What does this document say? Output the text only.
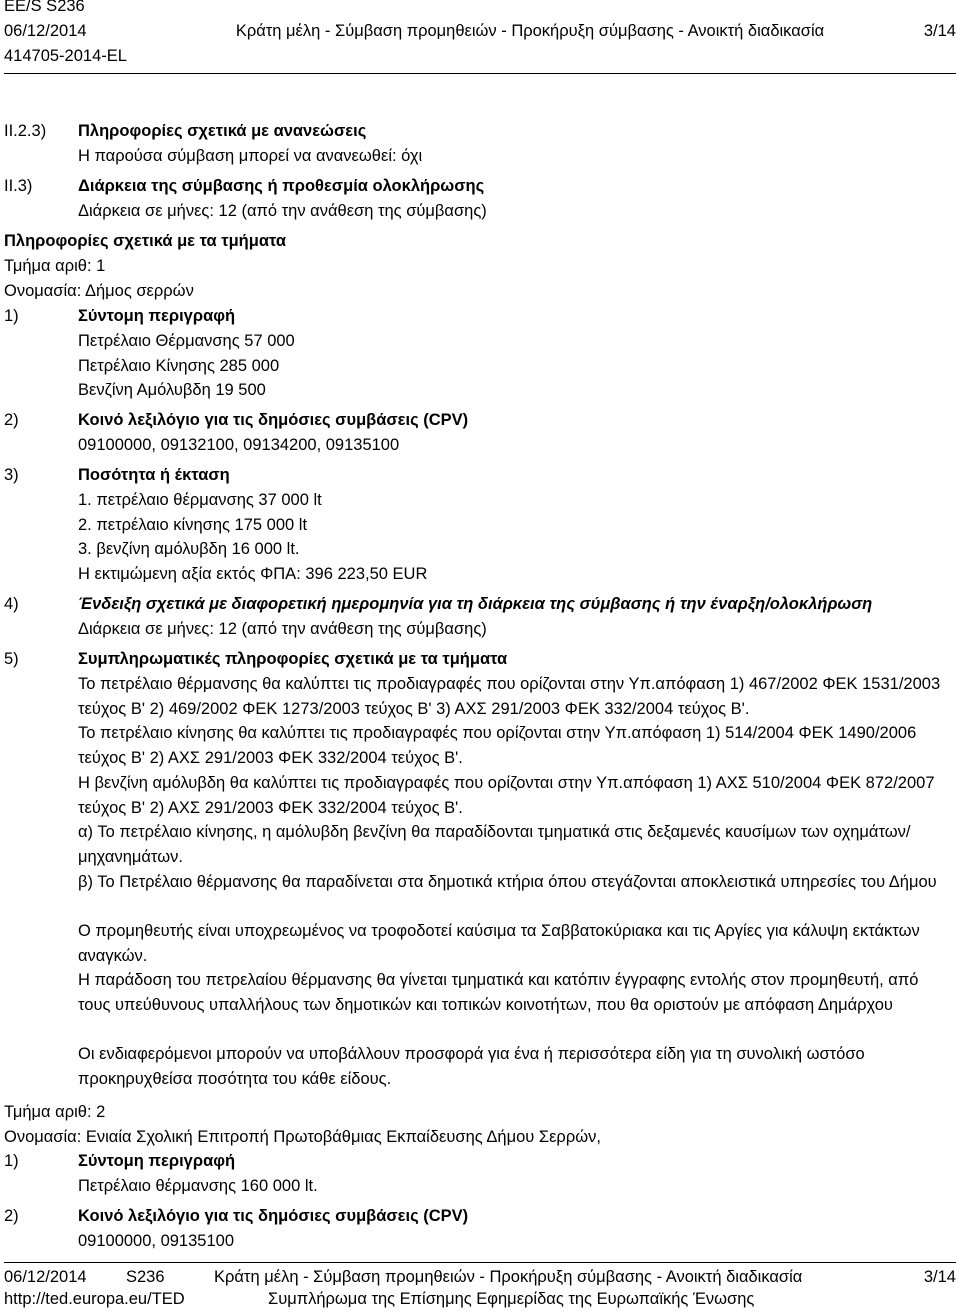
EE/S S236
06/12/2014	Κράτη μέλη - Σύμβαση προμηθειών - Προκήρυξη σύμβασης - Ανοικτή διαδικασία	3/14
414705-2014-EL
II.2.3) Πληροφορίες σχετικά με ανανεώσεις
Η παρούσα σύμβαση μπορεί να ανανεωθεί: όχι
II.3)	Διάρκεια της σύμβασης ή προθεσμία ολοκλήρωσης
Διάρκεια σε μήνες: 12 (από την ανάθεση της σύμβασης)
Πληροφορίες σχετικά με τα τμήματα
Τμήμα αριθ: 1
Ονομασία: Δήμος σερρών
1)	Σύντομη περιγραφή
Πετρέλαιο Θέρμανσης 57 000
Πετρέλαιο Κίνησης 285 000
Βενζίνη Αμόλυβδη 19 500
2)	Κοινό λεξιλόγιο για τις δημόσιες συμβάσεις (CPV)
09100000, 09132100, 09134200, 09135100
3)	Ποσότητα ή έκταση
1. πετρέλαιο θέρμανσης 37 000 lt
2. πετρέλαιο κίνησης 175 000 lt
3. βενζίνη αμόλυβδη 16 000 lt.
Η εκτιμώμενη αξία εκτός ΦΠΑ: 396 223,50 EUR
4)	Ένδειξη σχετικά με διαφορετική ημερομηνία για τη διάρκεια της σύμβασης ή την έναρξη/ολοκλήρωση
Διάρκεια σε μήνες: 12 (από την ανάθεση της σύμβασης)
5)	Συμπληρωματικές πληροφορίες σχετικά με τα τμήματα
Το πετρέλαιο θέρμανσης θα καλύπτει τις προδιαγραφές που ορίζονται στην Υπ.απόφαση 1) 467/2002 ΦΕΚ 1531/2003 τεύχος Β' 2) 469/2002 ΦΕΚ 1273/2003 τεύχος Β' 3) ΑΧΣ 291/2003 ΦΕΚ 332/2004 τεύχος Β'.
Το πετρέλαιο κίνησης θα καλύπτει τις προδιαγραφές που ορίζονται στην Υπ.απόφαση 1) 514/2004 ΦΕΚ 1490/2006 τεύχος Β' 2) ΑΧΣ 291/2003 ΦΕΚ 332/2004 τεύχος Β'.
Η βενζίνη αμόλυβδη θα καλύπτει τις προδιαγραφές που ορίζονται στην Υπ.απόφαση 1) ΑΧΣ 510/2004 ΦΕΚ 872/2007 τεύχος Β' 2) ΑΧΣ 291/2003 ΦΕΚ 332/2004 τεύχος Β'.
α) Το πετρέλαιο κίνησης, η αμόλυβδη βενζίνη θα παραδίδονται τμηματικά στις δεξαμενές καυσίμων των οχημάτων/μηχανημάτων.
β) Το Πετρέλαιο θέρμανσης θα παραδίνεται στα δημοτικά κτήρια όπου στεγάζονται αποκλειστικά υπηρεσίες του Δήμου
Ο προμηθευτής είναι υποχρεωμένος να τροφοδοτεί καύσιμα τα Σαββατοκύριακα και τις Αργίες για κάλυψη εκτάκτων αναγκών.
Η παράδοση του πετρελαίου θέρμανσης θα γίνεται τμηματικά και κατόπιν έγγραφης εντολής στον προμηθευτή, από τους υπεύθυνους υπαλλήλους των δημοτικών και τοπικών κοινοτήτων, που θα οριστούν με απόφαση Δημάρχου
Οι ενδιαφερόμενοι μπορούν να υποβάλλουν προσφορά για ένα ή περισσότερα είδη για τη συνολική ωστόσο προκηρυχθείσα ποσότητα του κάθε είδους.
Τμήμα αριθ: 2
Ονομασία: Ενιαία Σχολική Επιτροπή Πρωτοβάθμιας Εκπαίδευσης Δήμου Σερρών,
1)	Σύντομη περιγραφή
Πετρέλαιο θέρμανσης 160 000 lt.
2)	Κοινό λεξιλόγιο για τις δημόσιες συμβάσεις (CPV)
09100000, 09135100
06/12/2014 S236	Κράτη μέλη - Σύμβαση προμηθειών - Προκήρυξη σύμβασης - Ανοικτή διαδικασία	3/14
http://ted.europa.eu/TED	Συμπλήρωμα της Επίσημης Εφημερίδας της Ευρωπαϊκής Ένωσης
